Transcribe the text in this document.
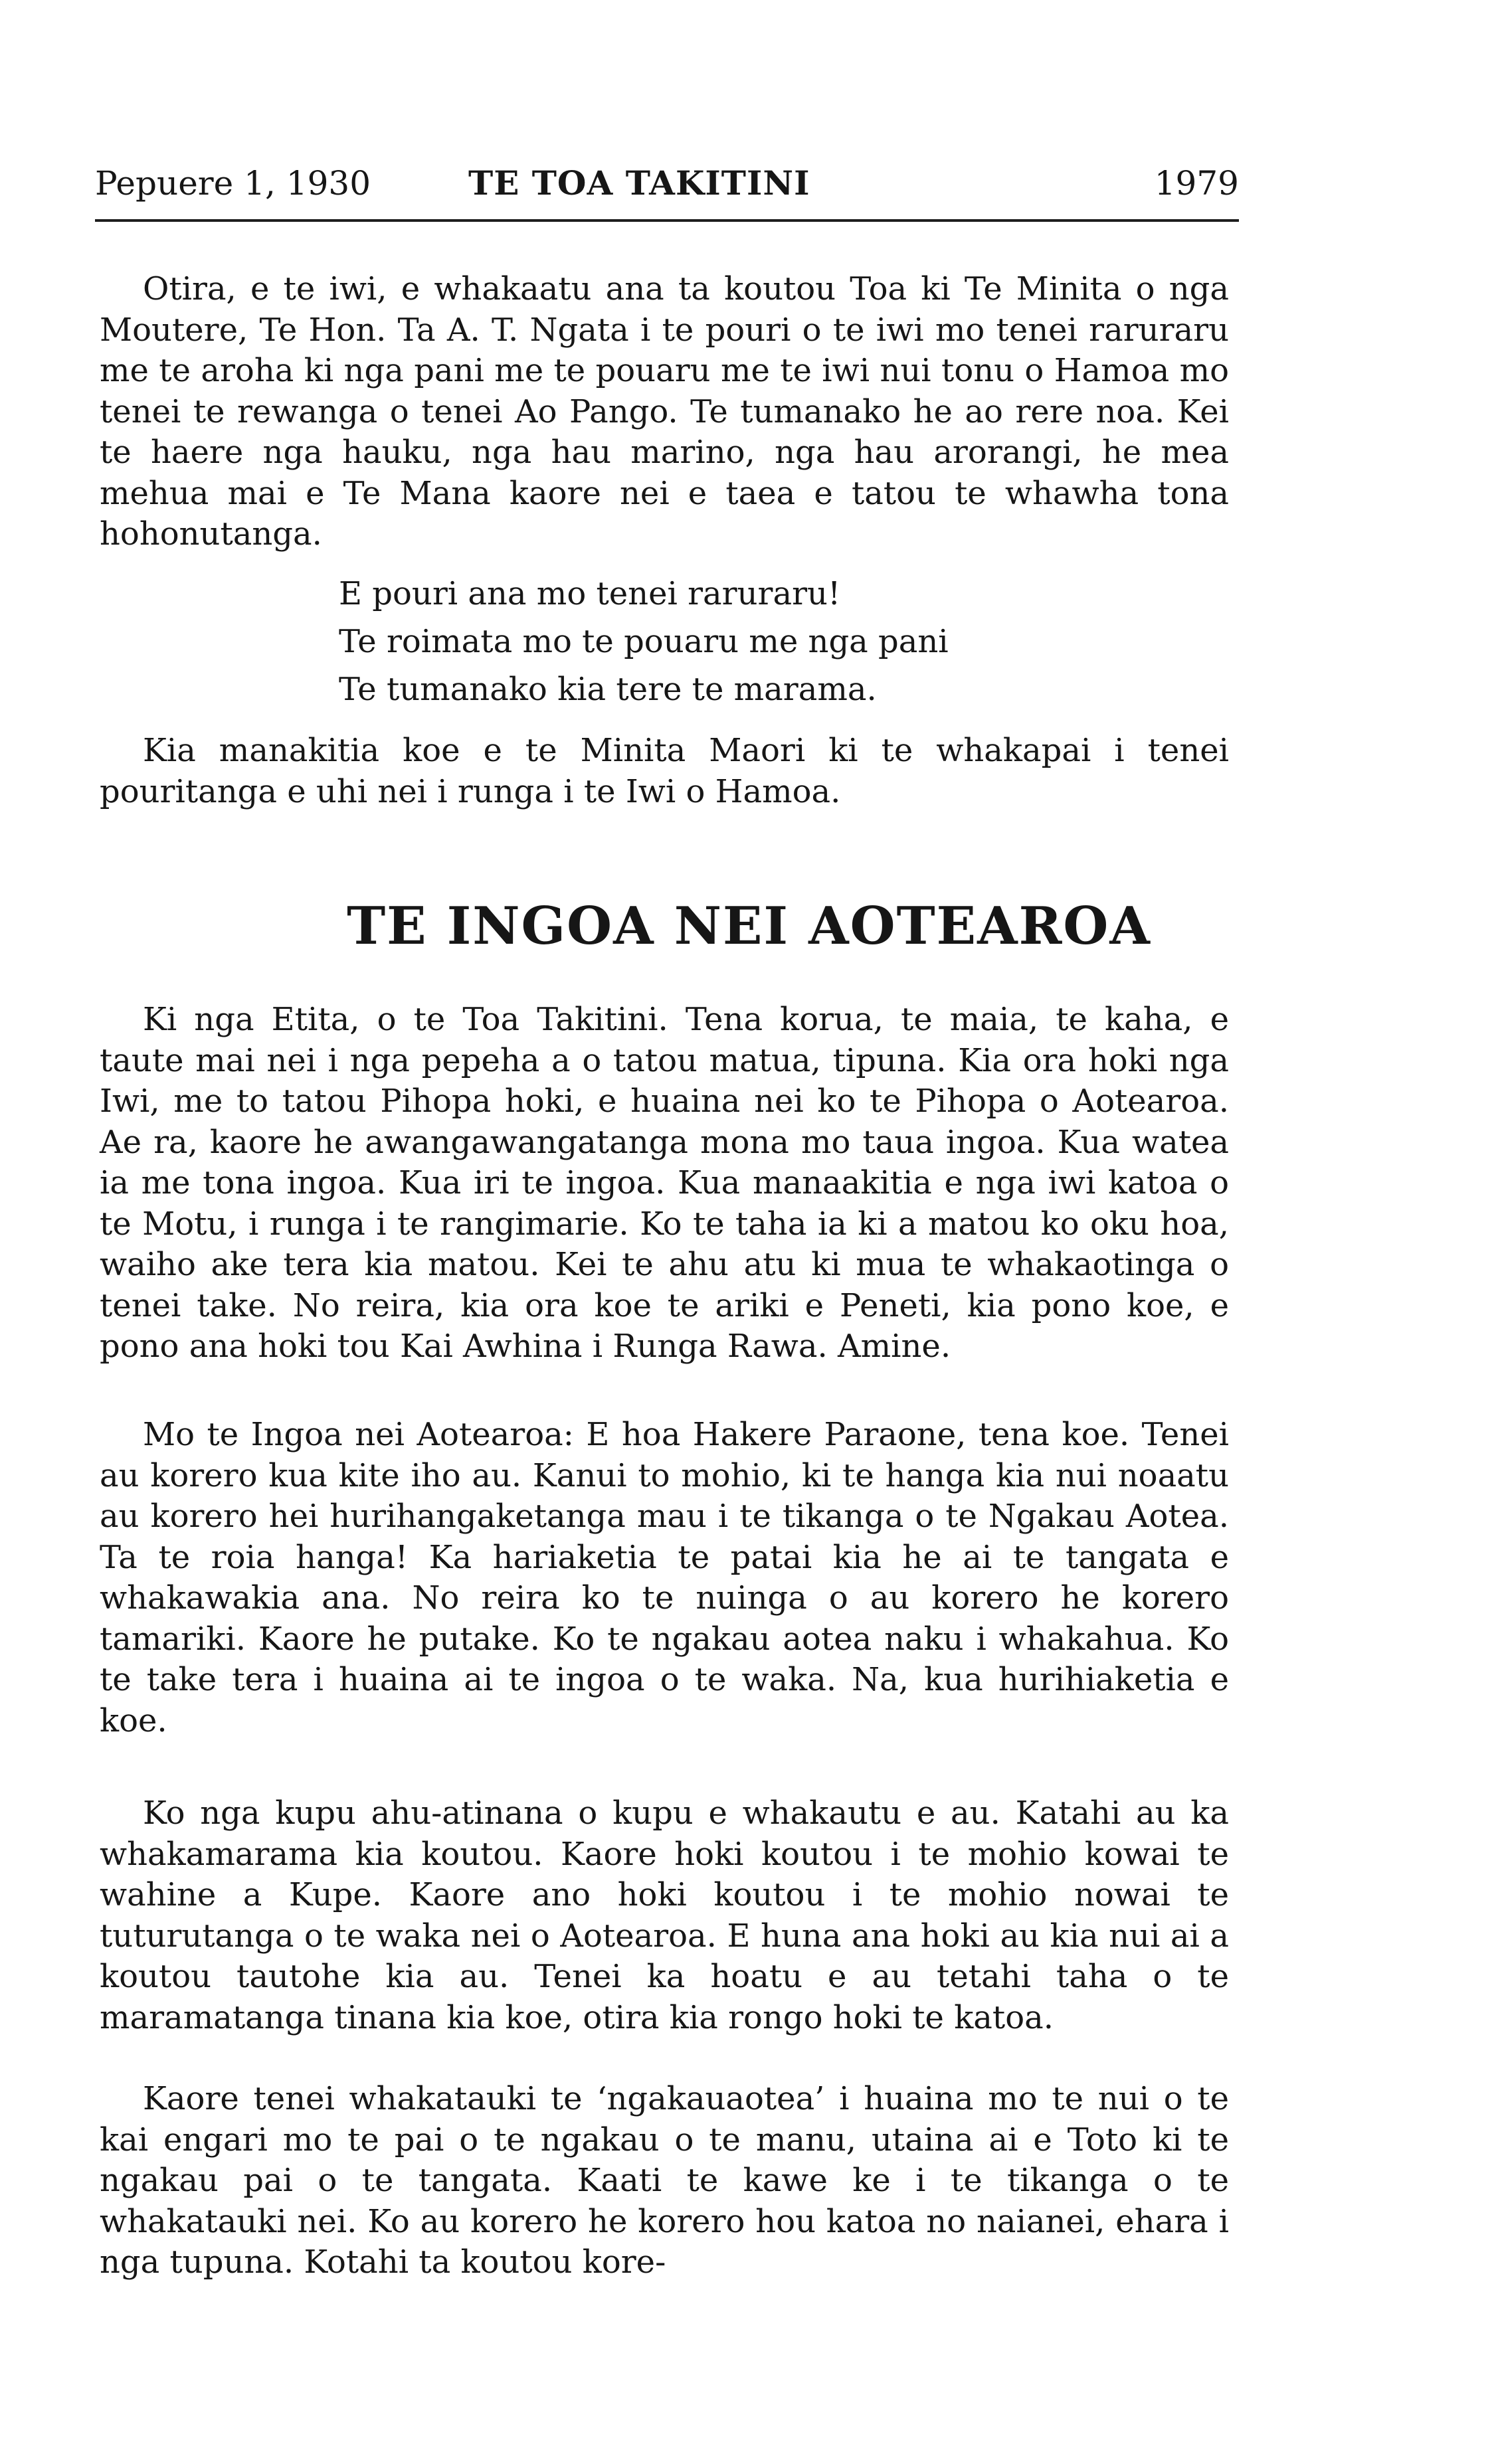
Pepuere 1, 1930	TE TOA TAKITINI	1979

Otira, e te iwi, e whakaatu ana ta koutou Toa ki Te Minita o nga Moutere, Te Hon. Ta A. T. Ngata i te pouri o te iwi mo tenei raruraru me te aroha ki nga pani me te pouaru me te iwi nui tonu o Hamoa mo tenei te rewanga o tenei Ao Pango. Te tumanako he ao rere noa. Kei te haere nga hauku, nga hau marino, nga hau arorangi, he mea mehua mai e Te Mana kaore nei e taea e tatou te whawha tona hohonutanga.

E pouri ana mo tenei raruraru!
Te roimata mo te pouaru me nga pani
Te tumanako kia tere te marama.

Kia manakitia koe e te Minita Maori ki te whakapai i tenei pouritanga e uhi nei i runga i te Iwi o Hamoa.

TE INGOA NEI AOTEAROA

Ki nga Etita, o te Toa Takitini. Tena korua, te maia, te kaha, e taute mai nei i nga pepeha a o tatou matua, tipuna. Kia ora hoki nga Iwi, me to tatou Pihopa hoki, e huaina nei ko te Pihopa o Aotearoa. Ae ra, kaore he awangawangatanga mona mo taua ingoa. Kua watea ia me tona ingoa. Kua iri te ingoa. Kua manaakitia e nga iwi katoa o te Motu, i runga i te rangimarie. Ko te taha ia ki a matou ko oku hoa, waiho ake tera kia matou. Kei te ahu atu ki mua te whakaotinga o tenei take. No reira, kia ora koe te ariki e Peneti, kia pono koe, e pono ana hoki tou Kai Awhina i Runga Rawa. Amine.

Mo te Ingoa nei Aotearoa: E hoa Hakere Paraone, tena koe. Tenei au korero kua kite iho au. Kanui to mohio, ki te hanga kia nui noaatu au korero hei hurihangaketanga mau i te tikanga o te Ngakau Aotea. Ta te roia hanga! Ka hariaketia te patai kia he ai te tangata e whakawakia ana. No reira ko te nuinga o au korero he korero tamariki. Kaore he putake. Ko te ngakau aotea naku i whakahua. Ko te take tera i huaina ai te ingoa o te waka. Na, kua hurihiaketia e koe.

Ko nga kupu ahu-atinana o kupu e whakautu e au. Katahi au ka whakamarama kia koutou. Kaore hoki koutou i te mohio kowai te wahine a Kupe. Kaore ano hoki koutou i te mohio nowai te tuturutanga o te waka nei o Aotearoa. E huna ana hoki au kia nui ai a koutou tautohe kia au. Tenei ka hoatu e au tetahi taha o te maramatanga tinana kia koe, otira kia rongo hoki te katoa.

Kaore tenei whakatauki te ‘ngakauaotea’ i huaina mo te nui o te kai engari mo te pai o te ngakau o te manu, utaina ai e Toto ki te ngakau pai o te tangata. Kaati te kawe ke i te tikanga o te whakatauki nei. Ko au korero he korero hou katoa no naianei, ehara i nga tupuna. Kotahi ta koutou kore-
